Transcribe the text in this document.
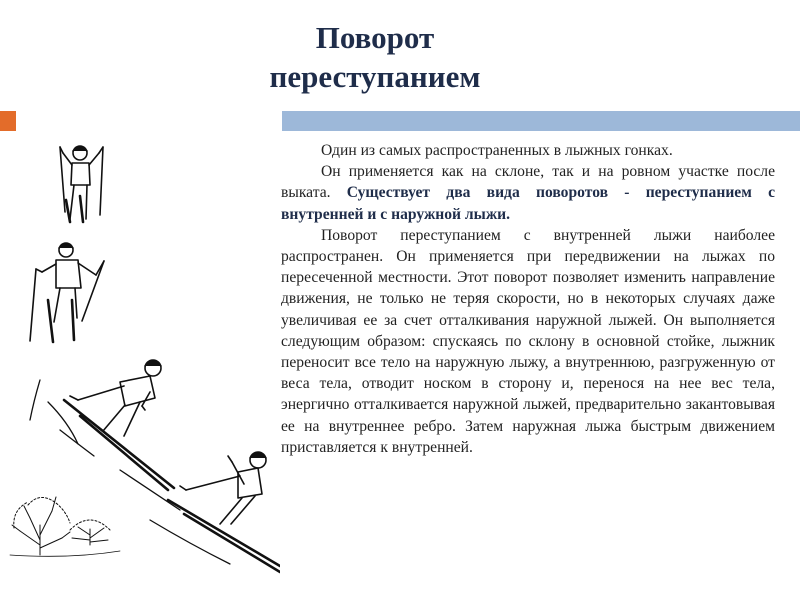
Поворот
переступанием

Один из самых распространенных в лыжных гонках.

Он применяется как на склоне, так и на ровном участке после выката. Существует два вида поворотов - переступанием с внутренней и с наружной лыжи.

Поворот переступанием с внутренней лыжи наиболее распространен. Он применяется при передвижении на лыжах по пересеченной местности. Этот поворот позволяет изменить направление движения, не только не теряя скорости, но в некоторых случаях даже увеличивая ее за счет отталкивания наружной лыжей. Он выполняется следующим образом: спускаясь по склону в основной стойке, лыжник переносит все тело на наружную лыжу, а внутреннюю, разгруженную от веса тела, отводит носком в сторону и, перенося на нее вес тела, энергично отталкивается наружной лыжей, предварительно закантовывая ее на внутреннее ребро. Затем наружная лыжа быстрым движением приставляется к внутренней.
